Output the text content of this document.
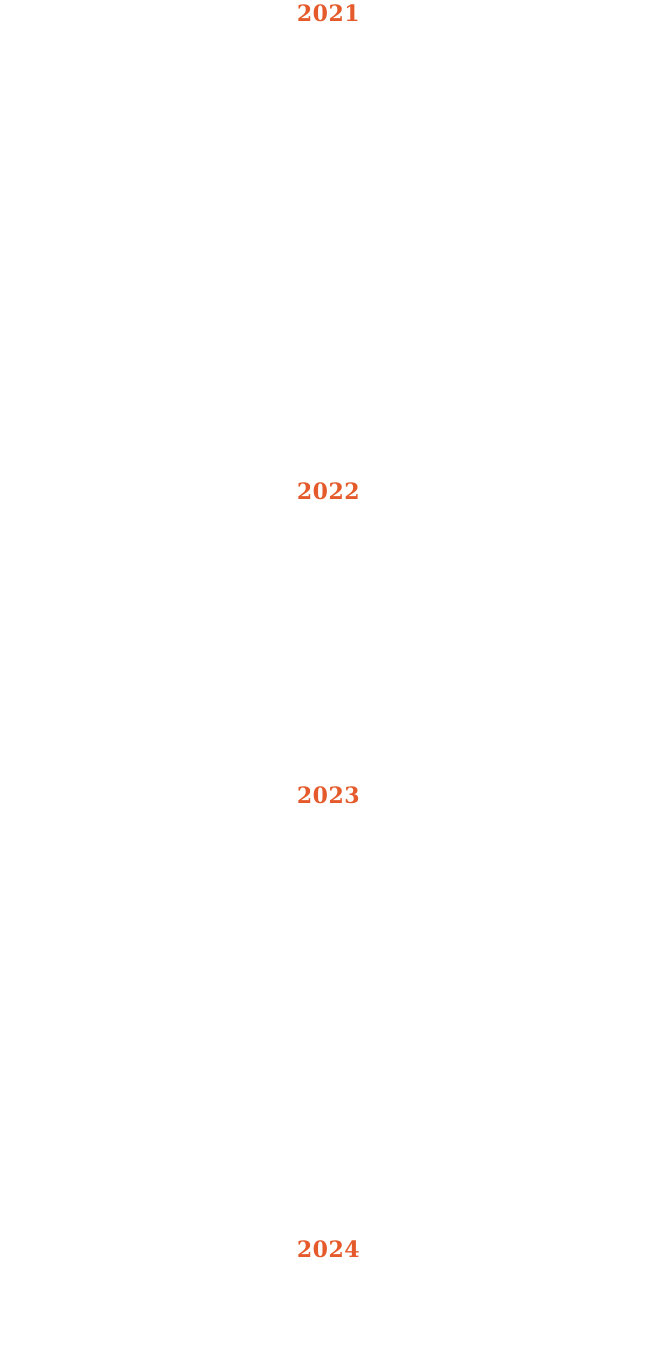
2021
2022
2023
2024
